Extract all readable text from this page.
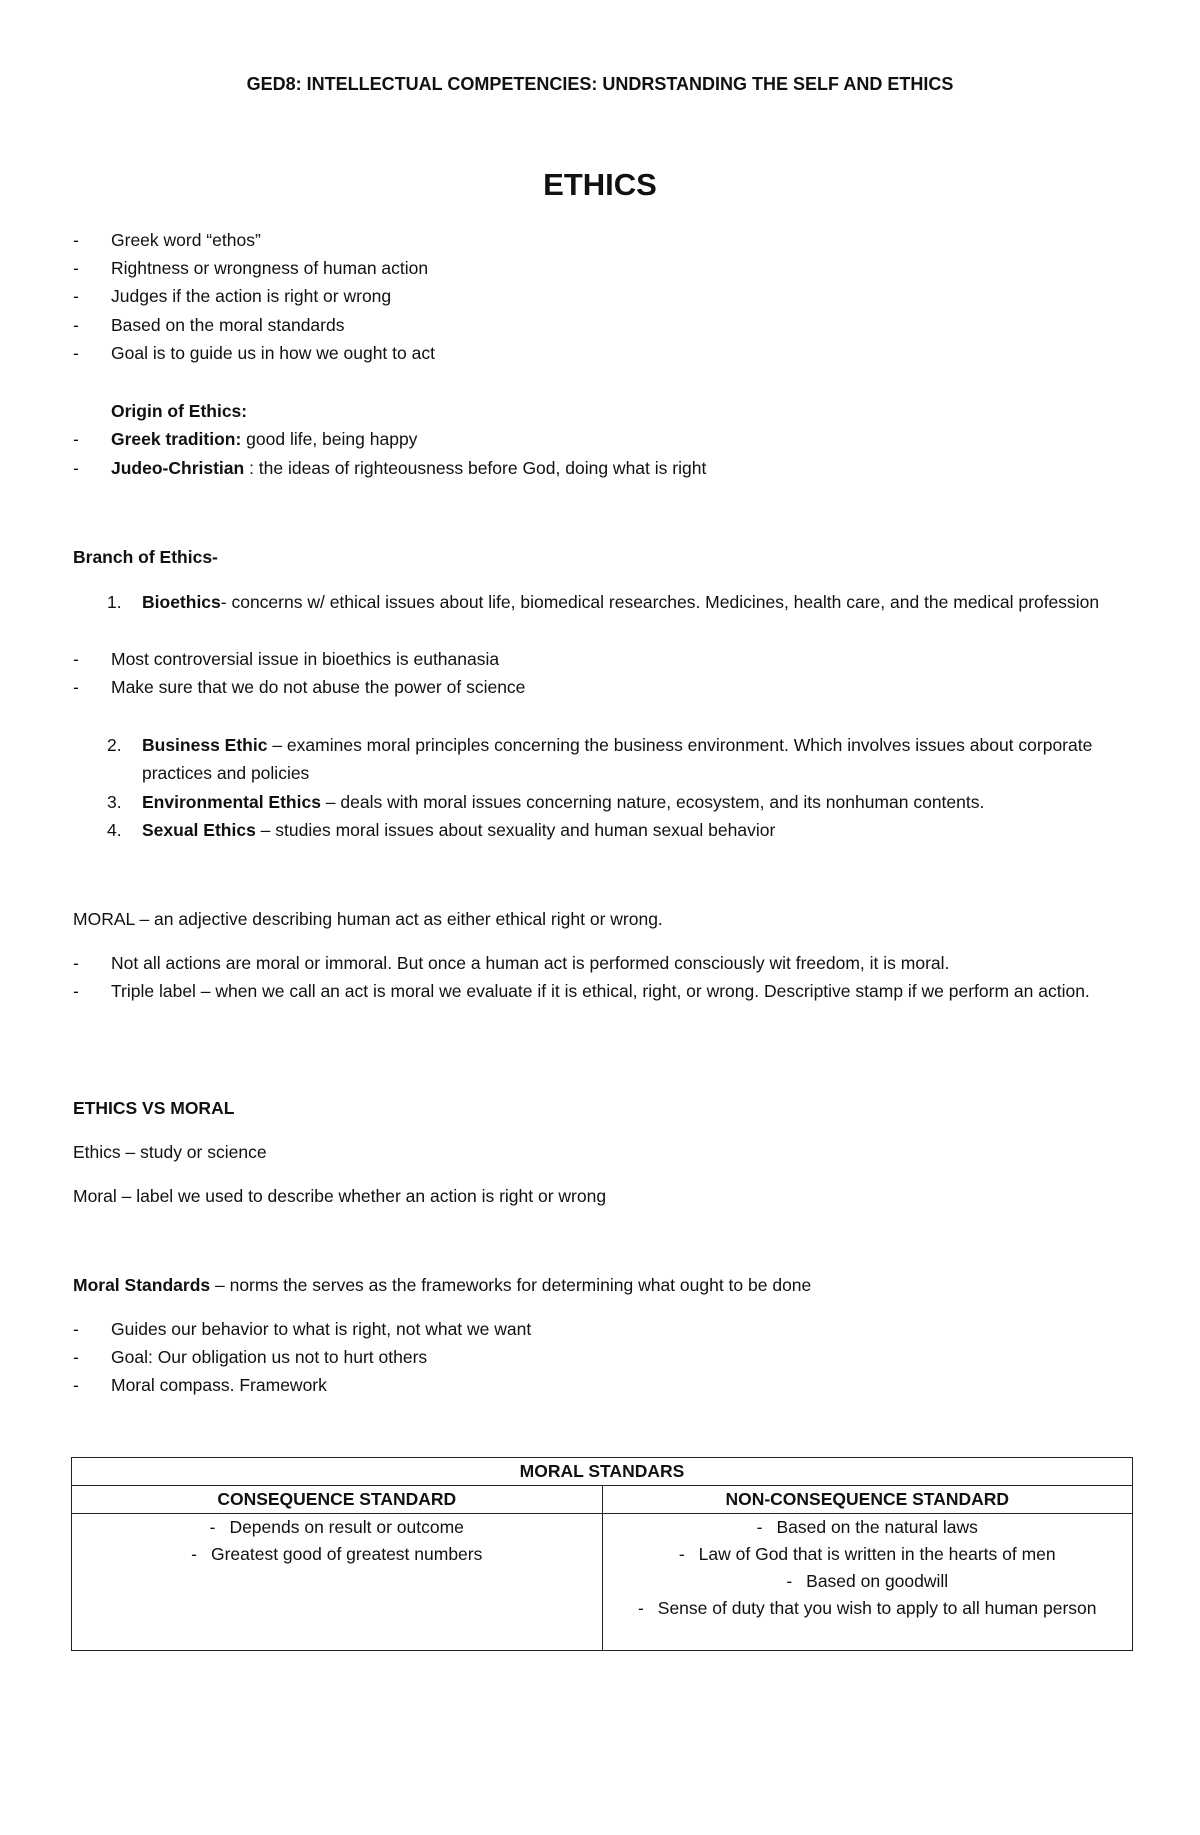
GED8: INTELLECTUAL COMPETENCIES: UNDRSTANDING THE SELF AND ETHICS
ETHICS
- Greek word “ethos”
- Rightness or wrongness of human action
- Judges if the action is right or wrong
- Based on the moral standards
- Goal is to guide us in how we ought to act
Origin of Ethics:
- Greek tradition: good life, being happy
- Judeo-Christian : the ideas of righteousness before God, doing what is right
Branch of Ethics-
1. Bioethics- concerns w/ ethical issues about life, biomedical researches. Medicines, health care, and the medical profession
- Most controversial issue in bioethics is euthanasia
- Make sure that we do not abuse the power of science
2. Business Ethic – examines moral principles concerning the business environment. Which involves issues about corporate practices and policies
3. Environmental Ethics – deals with moral issues concerning nature, ecosystem, and its nonhuman contents.
4. Sexual Ethics – studies moral issues about sexuality and human sexual behavior
MORAL – an adjective describing human act as either ethical right or wrong.
- Not all actions are moral or immoral. But once a human act is performed consciously wit freedom, it is moral.
- Triple label – when we call an act is moral we evaluate if it is ethical, right, or wrong. Descriptive stamp if we perform an action.
ETHICS VS MORAL
Ethics – study or science
Moral – label we used to describe whether an action is right or wrong
Moral Standards – norms the serves as the frameworks for determining what ought to be done
- Guides our behavior to what is right, not what we want
- Goal: Our obligation us not to hurt others
- Moral compass. Framework
MORAL STANDARS	
CONSEQUENCE STANDARD	NON-CONSEQUENCE STANDARD

- Depends on result or outcome
- Greatest good of greatest numbers	- Based on the natural laws
- Law of God that is written in the hearts of men
- Based on goodwill
- Sense of duty that you wish to apply to all human person
